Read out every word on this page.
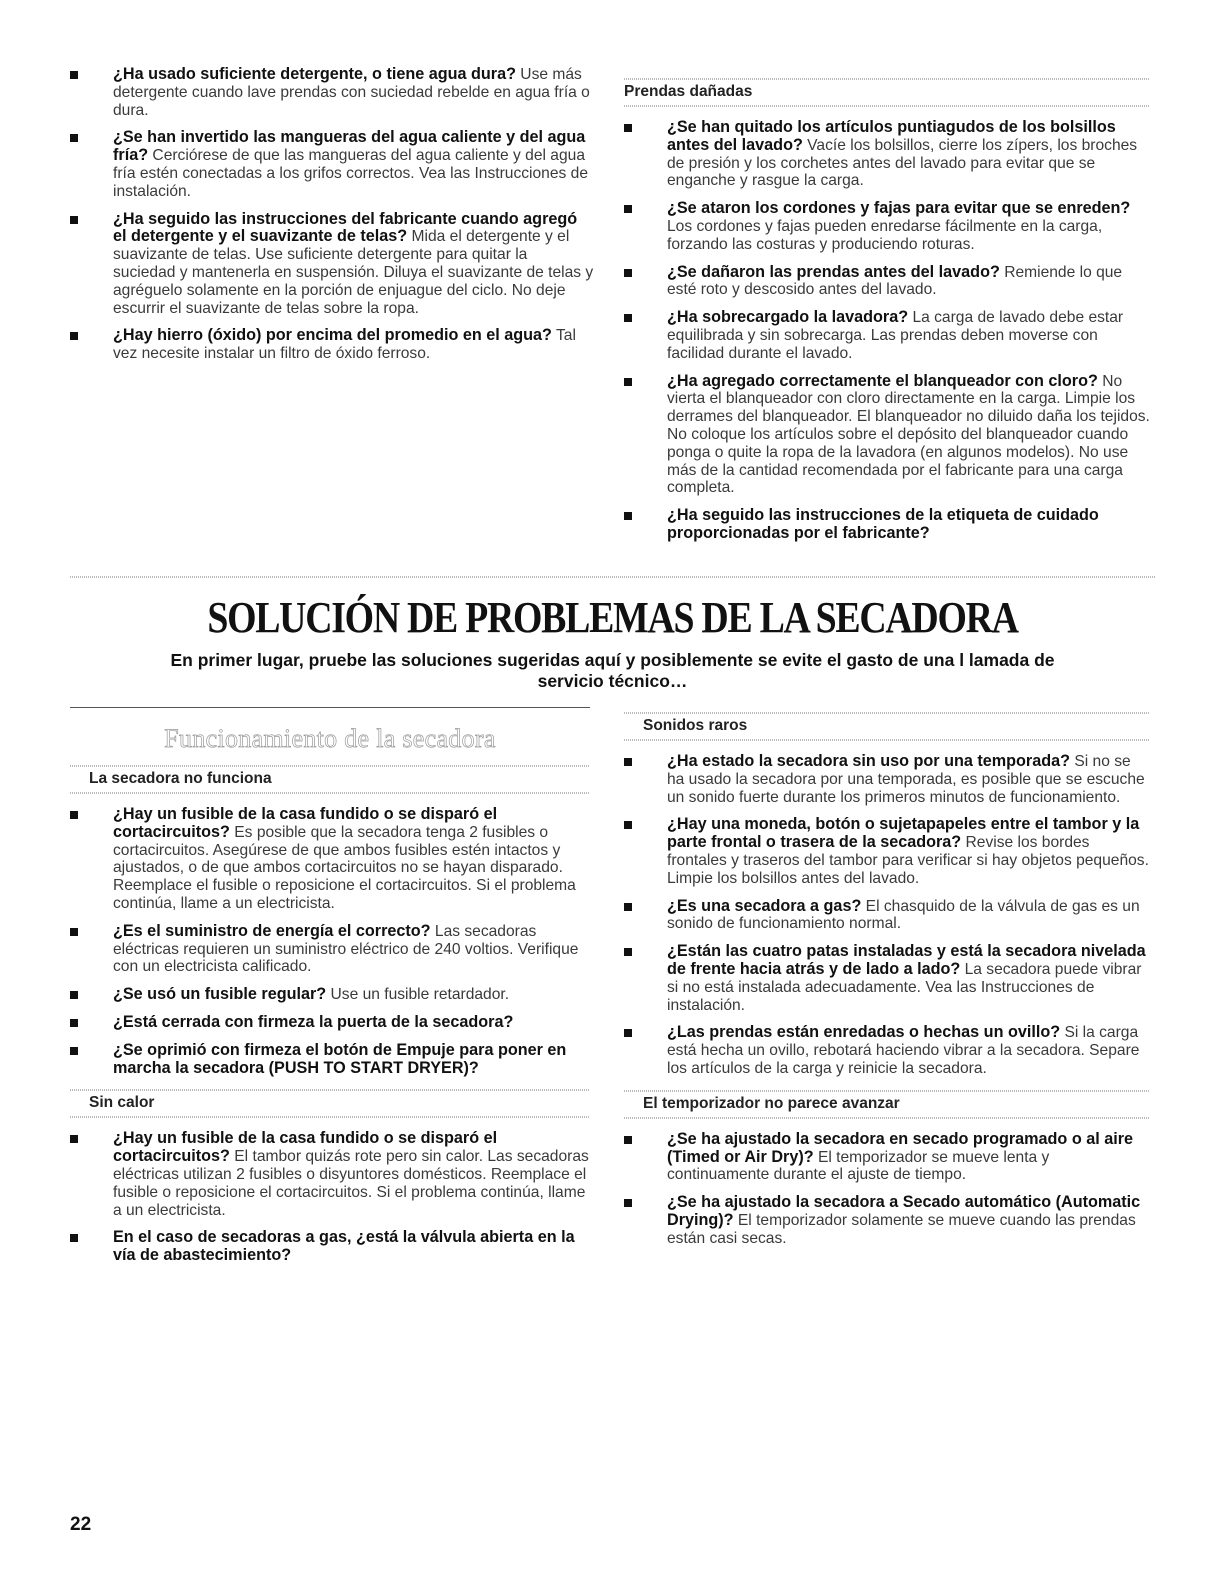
¿Ha usado suficiente detergente, o tiene agua dura? Use más detergente cuando lave prendas con suciedad rebelde en agua fría o dura.
¿Se han invertido las mangueras del agua caliente y del agua fría? Cerciórese de que las mangueras del agua caliente y del agua fría estén conectadas a los grifos correctos. Vea las Instrucciones de instalación.
¿Ha seguido las instrucciones del fabricante cuando agregó el detergente y el suavizante de telas? Mida el detergente y el suavizante de telas. Use suficiente detergente para quitar la suciedad y mantenerla en suspensión. Diluya el suavizante de telas y agréguelo solamente en la porción de enjuague del ciclo. No deje escurrir el suavizante de telas sobre la ropa.
¿Hay hierro (óxido) por encima del promedio en el agua? Tal vez necesite instalar un filtro de óxido ferroso.
Prendas dañadas
¿Se han quitado los artículos puntiagudos de los bolsillos antes del lavado? Vacíe los bolsillos, cierre los zípers, los broches de presión y los corchetes antes del lavado para evitar que se enganche y rasgue la carga.
¿Se ataron los cordones y fajas para evitar que se enreden? Los cordones y fajas pueden enredarse fácilmente en la carga, forzando las costuras y produciendo roturas.
¿Se dañaron las prendas antes del lavado? Remiende lo que esté roto y descosido antes del lavado.
¿Ha sobrecargado la lavadora? La carga de lavado debe estar equilibrada y sin sobrecarga. Las prendas deben moverse con facilidad durante el lavado.
¿Ha agregado correctamente el blanqueador con cloro? No vierta el blanqueador con cloro directamente en la carga. Limpie los derrames del blanqueador. El blanqueador no diluido daña los tejidos. No coloque los artículos sobre el depósito del blanqueador cuando ponga o quite la ropa de la lavadora (en algunos modelos). No use más de la cantidad recomendada por el fabricante para una carga completa.
¿Ha seguido las instrucciones de la etiqueta de cuidado proporcionadas por el fabricante?
SOLUCIÓN DE PROBLEMAS DE LA SECADORA
En primer lugar, pruebe las soluciones sugeridas aquí y posiblemente se evite el gasto de una l lamada de servicio técnico…
Funcionamiento de la secadora
La secadora no funciona
¿Hay un fusible de la casa fundido o se disparó el cortacircuitos? Es posible que la secadora tenga 2 fusibles o cortacircuitos. Asegúrese de que ambos fusibles estén intactos y ajustados, o de que ambos cortacircuitos no se hayan disparado. Reemplace el fusible o reposicione el cortacircuitos. Si el problema continúa, llame a un electricista.
¿Es el suministro de energía el correcto? Las secadoras eléctricas requieren un suministro eléctrico de 240 voltios. Verifique con un electricista calificado.
¿Se usó un fusible regular? Use un fusible retardador.
¿Está cerrada con firmeza la puerta de la secadora?
¿Se oprimió con firmeza el botón de Empuje para poner en marcha la secadora (PUSH TO START DRYER)?
Sin calor
¿Hay un fusible de la casa fundido o se disparó el cortacircuitos? El tambor quizás rote pero sin calor. Las secadoras eléctricas utilizan 2 fusibles o disyuntores domésticos. Reemplace el fusible o reposicione el cortacircuitos. Si el problema continúa, llame a un electricista.
En el caso de secadoras a gas, ¿está la válvula abierta en la vía de abastecimiento?
Sonidos raros
¿Ha estado la secadora sin uso por una temporada? Si no se ha usado la secadora por una temporada, es posible que se escuche un sonido fuerte durante los primeros minutos de funcionamiento.
¿Hay una moneda, botón o sujetapapeles entre el tambor y la parte frontal o trasera de la secadora? Revise los bordes frontales y traseros del tambor para verificar si hay objetos pequeños. Limpie los bolsillos antes del lavado.
¿Es una secadora a gas? El chasquido de la válvula de gas es un sonido de funcionamiento normal.
¿Están las cuatro patas instaladas y está la secadora nivelada de frente hacia atrás y de lado a lado? La secadora puede vibrar si no está instalada adecuadamente. Vea las Instrucciones de instalación.
¿Las prendas están enredadas o hechas un ovillo? Si la carga está hecha un ovillo, rebotará haciendo vibrar a la secadora. Separe los artículos de la carga y reinicie la secadora.
El temporizador no parece avanzar
¿Se ha ajustado la secadora en secado programado o al aire (Timed or Air Dry)? El temporizador se mueve lenta y continuamente durante el ajuste de tiempo.
¿Se ha ajustado la secadora a Secado automático (Automatic Drying)? El temporizador solamente se mueve cuando las prendas están casi secas.
22
